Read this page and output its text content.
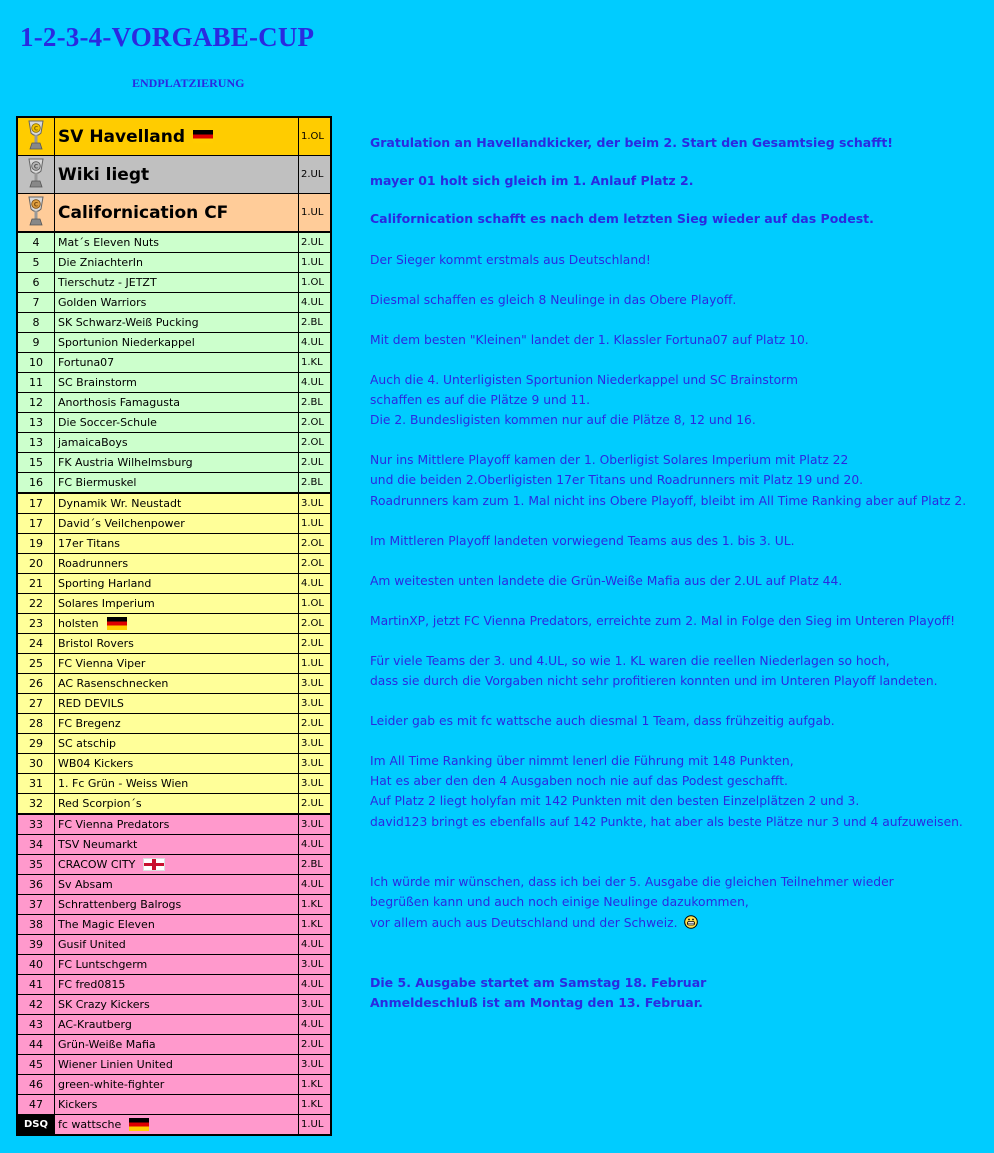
1-2-3-4-VORGABE-CUP
ENDPLATZIERUNG
C	SV Havelland	1.OL

C	Wiki liegt	2.UL

C	Californication CF	1.UL
4	Mat´s Eleven Nuts	2.UL
5	Die ZniachterIn	1.UL
6	Tierschutz - JETZT	1.OL
7	Golden Warriors	4.UL
8	SK Schwarz-Weiß Pucking	2.BL
9	Sportunion Niederkappel	4.UL
10	Fortuna07	1.KL
11	SC Brainstorm	4.UL
12	Anorthosis Famagusta	2.BL
13	Die Soccer-Schule	2.OL
13	jamaicaBoys	2.OL
15	FK Austria Wilhelmsburg	2.UL
16	FC Biermuskel	2.BL
17	Dynamik Wr. Neustadt	3.UL
17	David´s Veilchenpower	1.UL
19	17er Titans	2.OL
20	Roadrunners	2.OL
21	Sporting Harland	4.UL
22	Solares Imperium	1.OL
23	holsten	2.OL
24	Bristol Rovers	2.UL
25	FC Vienna Viper	1.UL
26	AC Rasenschnecken	3.UL
27	RED DEVILS	3.UL
28	FC Bregenz	2.UL
29	SC atschip	3.UL
30	WB04 Kickers	3.UL
31	1. Fc Grün - Weiss Wien	3.UL
32	Red Scorpion´s	2.UL
33	FC Vienna Predators	3.UL
34	TSV Neumarkt	4.UL
35	CRACOW CITY	2.BL
36	Sv Absam	4.UL
37	Schrattenberg Balrogs	1.KL
38	The Magic Eleven	1.KL
39	Gusif United	4.UL
40	FC Luntschgerm	3.UL
41	FC fred0815	4.UL
42	SK Crazy Kickers	3.UL
43	AC-Krautberg	4.UL
44	Grün-Weiße Mafia	2.UL
45	Wiener Linien United	3.UL
46	green-white-fighter	1.KL
47	Kickers	1.KL
DSQ	fc wattsche	1.UL
Gratulation an Havellandkicker, der beim 2. Start den Gesamtsieg schafft!
mayer 01 holt sich gleich im 1. Anlauf Platz 2.
Californication schafft es nach dem letzten Sieg wieder auf das Podest.
Der Sieger kommt erstmals aus Deutschland!
Diesmal schaffen es gleich 8 Neulinge in das Obere Playoff.
Mit dem besten "Kleinen" landet der 1. Klassler Fortuna07 auf Platz 10.
Auch die 4. Unterligisten Sportunion Niederkappel und SC Brainstorm
schaffen es auf die Plätze 9 und 11.
Die 2. Bundesligisten kommen nur auf die Plätze 8, 12 und 16.
Nur ins Mittlere Playoff kamen der 1. Oberligist Solares Imperium mit Platz 22
und die beiden 2.Oberligisten 17er Titans und Roadrunners mit Platz 19 und 20.
Roadrunners kam zum 1. Mal nicht ins Obere Playoff, bleibt im All Time Ranking aber auf Platz 2.
Im Mittleren Playoff landeten vorwiegend Teams aus des 1. bis 3. UL.
Am weitesten unten landete die Grün-Weiße Mafia aus der 2.UL auf Platz 44.
MartinXP, jetzt FC Vienna Predators, erreichte zum 2. Mal in Folge den Sieg im Unteren Playoff!
Für viele Teams der 3. und 4.UL, so wie 1. KL waren die reellen Niederlagen so hoch,
dass sie durch die Vorgaben nicht sehr profitieren konnten und im Unteren Playoff landeten.
Leider gab es mit fc wattsche auch diesmal 1 Team, dass frühzeitig aufgab.
Im All Time Ranking über nimmt lenerl die Führung mit 148 Punkten,
Hat es aber den den 4 Ausgaben noch nie auf das Podest geschafft.
Auf Platz 2 liegt holyfan mit 142 Punkten mit den besten Einzelplätzen 2 und 3.
david123 bringt es ebenfalls auf 142 Punkte, hat aber als beste Plätze nur 3 und 4 aufzuweisen.
Ich würde mir wünschen, dass ich bei der 5. Ausgabe die gleichen Teilnehmer wieder
begrüßen kann und auch noch einige Neulinge dazukommen,
vor allem auch aus Deutschland und der Schweiz.
Die 5. Ausgabe startet am Samstag 18. Februar
Anmeldeschluß ist am Montag den 13. Februar.
